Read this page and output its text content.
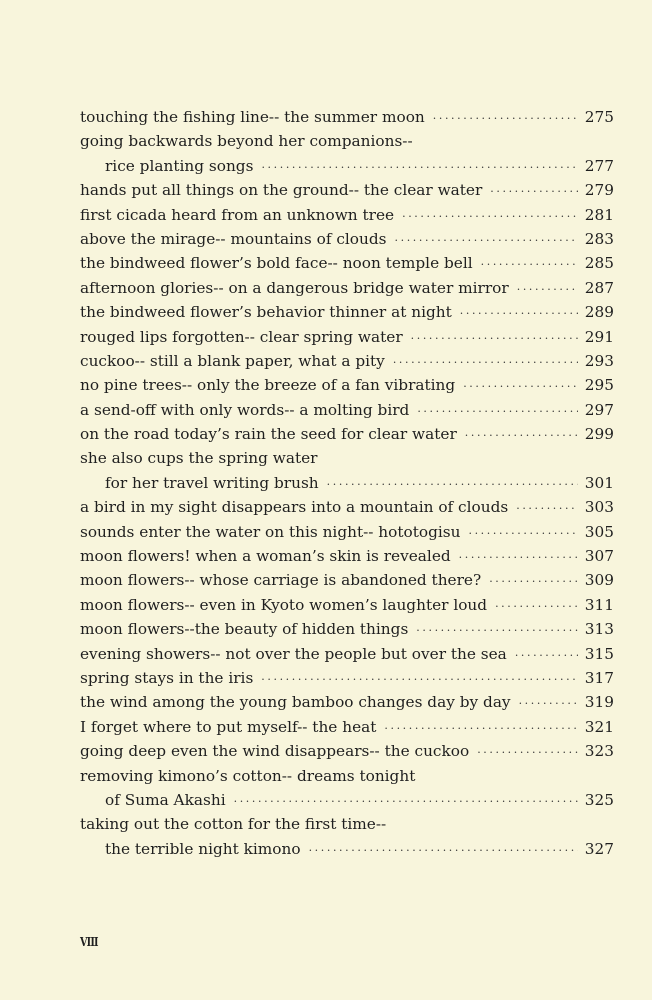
touching the fishing line-- the summer moon ·····	275
going backwards beyond her companions--
rice planting songs ·····	277
hands put all things on the ground-- the clear water ·····	279
first cicada heard from an unknown tree ·····	281
above the mirage-- mountains of clouds ·····	283
the bindweed flower’s bold face-- noon temple bell ·····	285
afternoon glories-- on a dangerous bridge water mirror ·····	287
the bindweed flower’s behavior thinner at night ·····	289
rouged lips forgotten-- clear spring water ·····	291
cuckoo-- still a blank paper, what a pity ·····	293
no pine trees-- only the breeze of a fan vibrating ·····	295
a send-off with only words-- a molting bird ·····	297
on the road today’s rain the seed for clear water ·····	299
she also cups the spring water
for her travel writing brush ·····	301
a bird in my sight disappears into a mountain of clouds ·····	303
sounds enter the water on this night-- hototogisu ·····	305
moon flowers! when a woman’s skin is revealed ·····	307
moon flowers-- whose carriage is abandoned there? ·····	309
moon flowers-- even in Kyoto women’s laughter loud ·····	311
moon flowers--the beauty of hidden things ·····	313
evening showers-- not over the people but over the sea ·····	315
spring stays in the iris ·····	317
the wind among the young bamboo changes day by day ·····	319
I forget where to put myself-- the heat ·····	321
going deep even the wind disappears-- the cuckoo ·····	323
removing kimono’s cotton-- dreams tonight
of Suma Akashi ·····	325
taking out the cotton for the first time--
the terrible night kimono ·····	327
VIII
